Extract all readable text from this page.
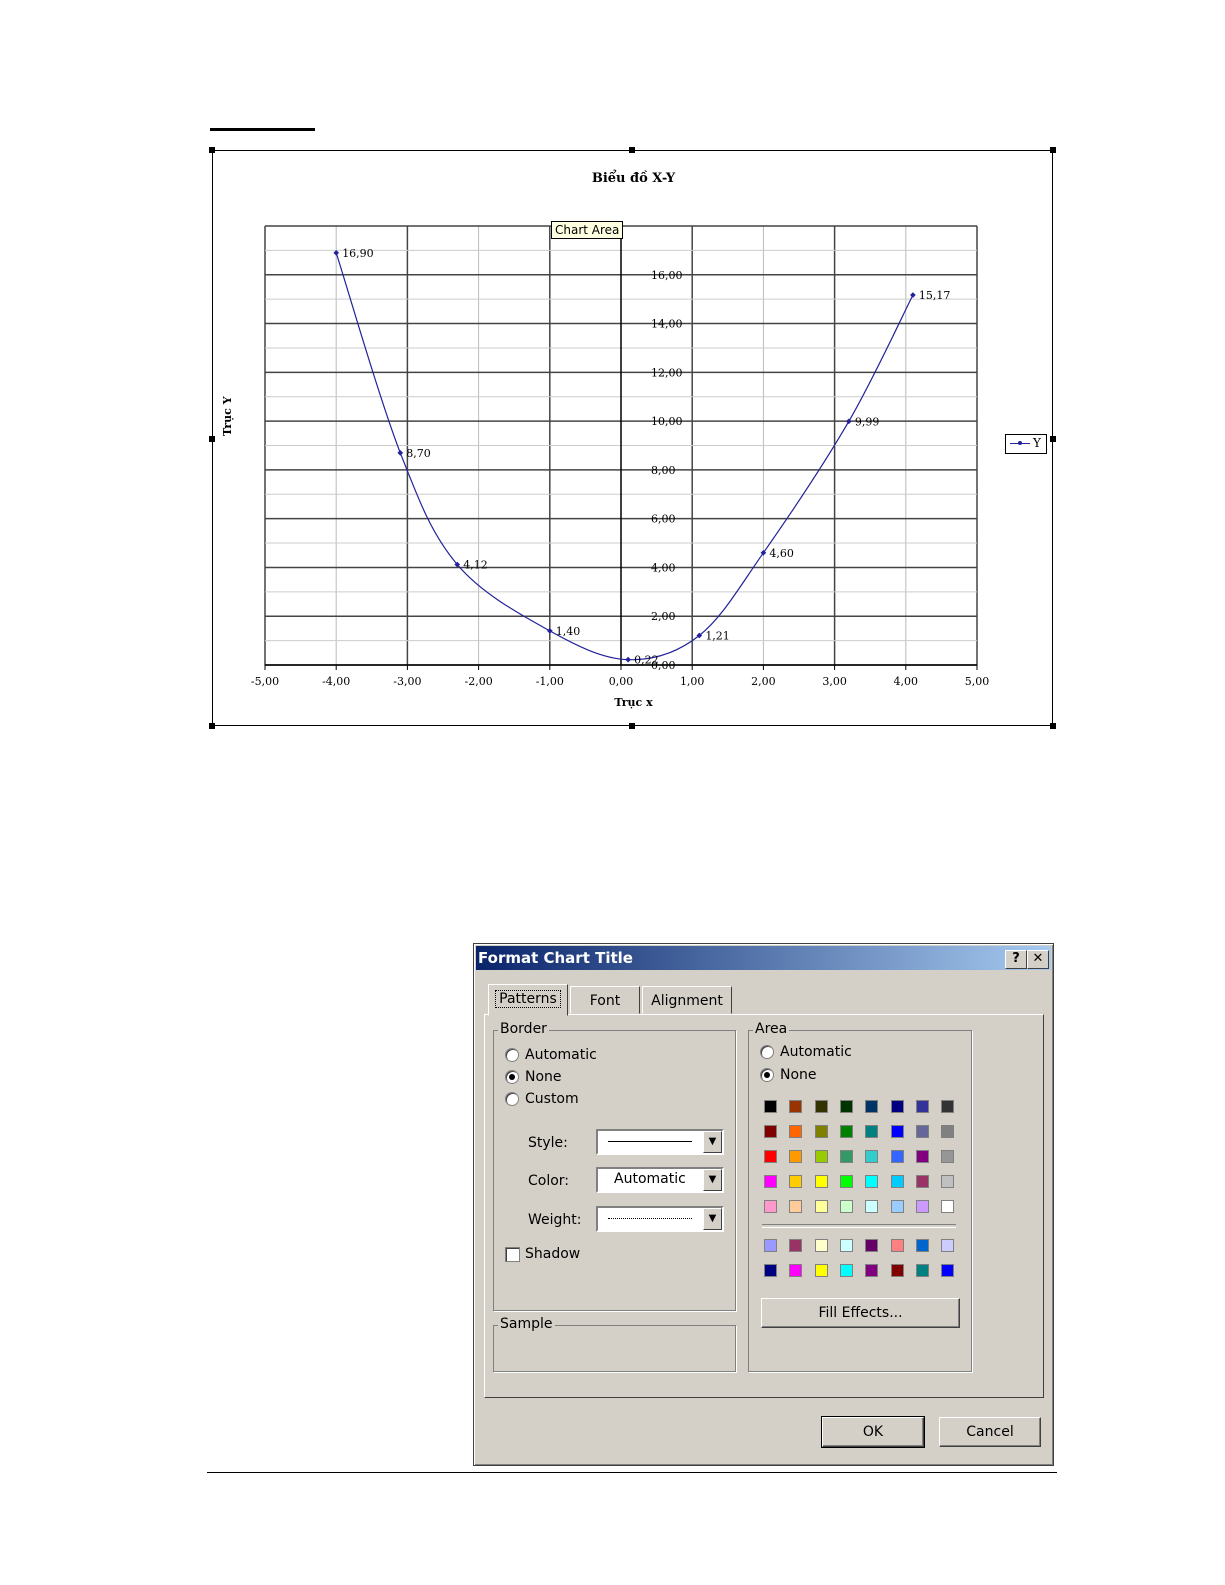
-5,00	-4,00	-3,00	-2,00	-1,00	0,00	1,00	2,00	3,00	4,00	5,00
0,00
2,00
4,00
6,00
8,00
10,00
12,00
14,00
16,00
16,90
8,70
4,12
1,40
0,22
1,21
4,60
9,99
15,17
Biểu đồ X-Y
Trục x
Trục Y
Chart Area
Y
Format Chart Title	? ✕
Patterns	Font	Alignment
Border
Automatic
None
Custom
Style:	▼
Color:	Automatic	▼
Weight:	▼
Shadow
Sample
Area
Automatic
None
Fill Effects...
OK	Cancel
